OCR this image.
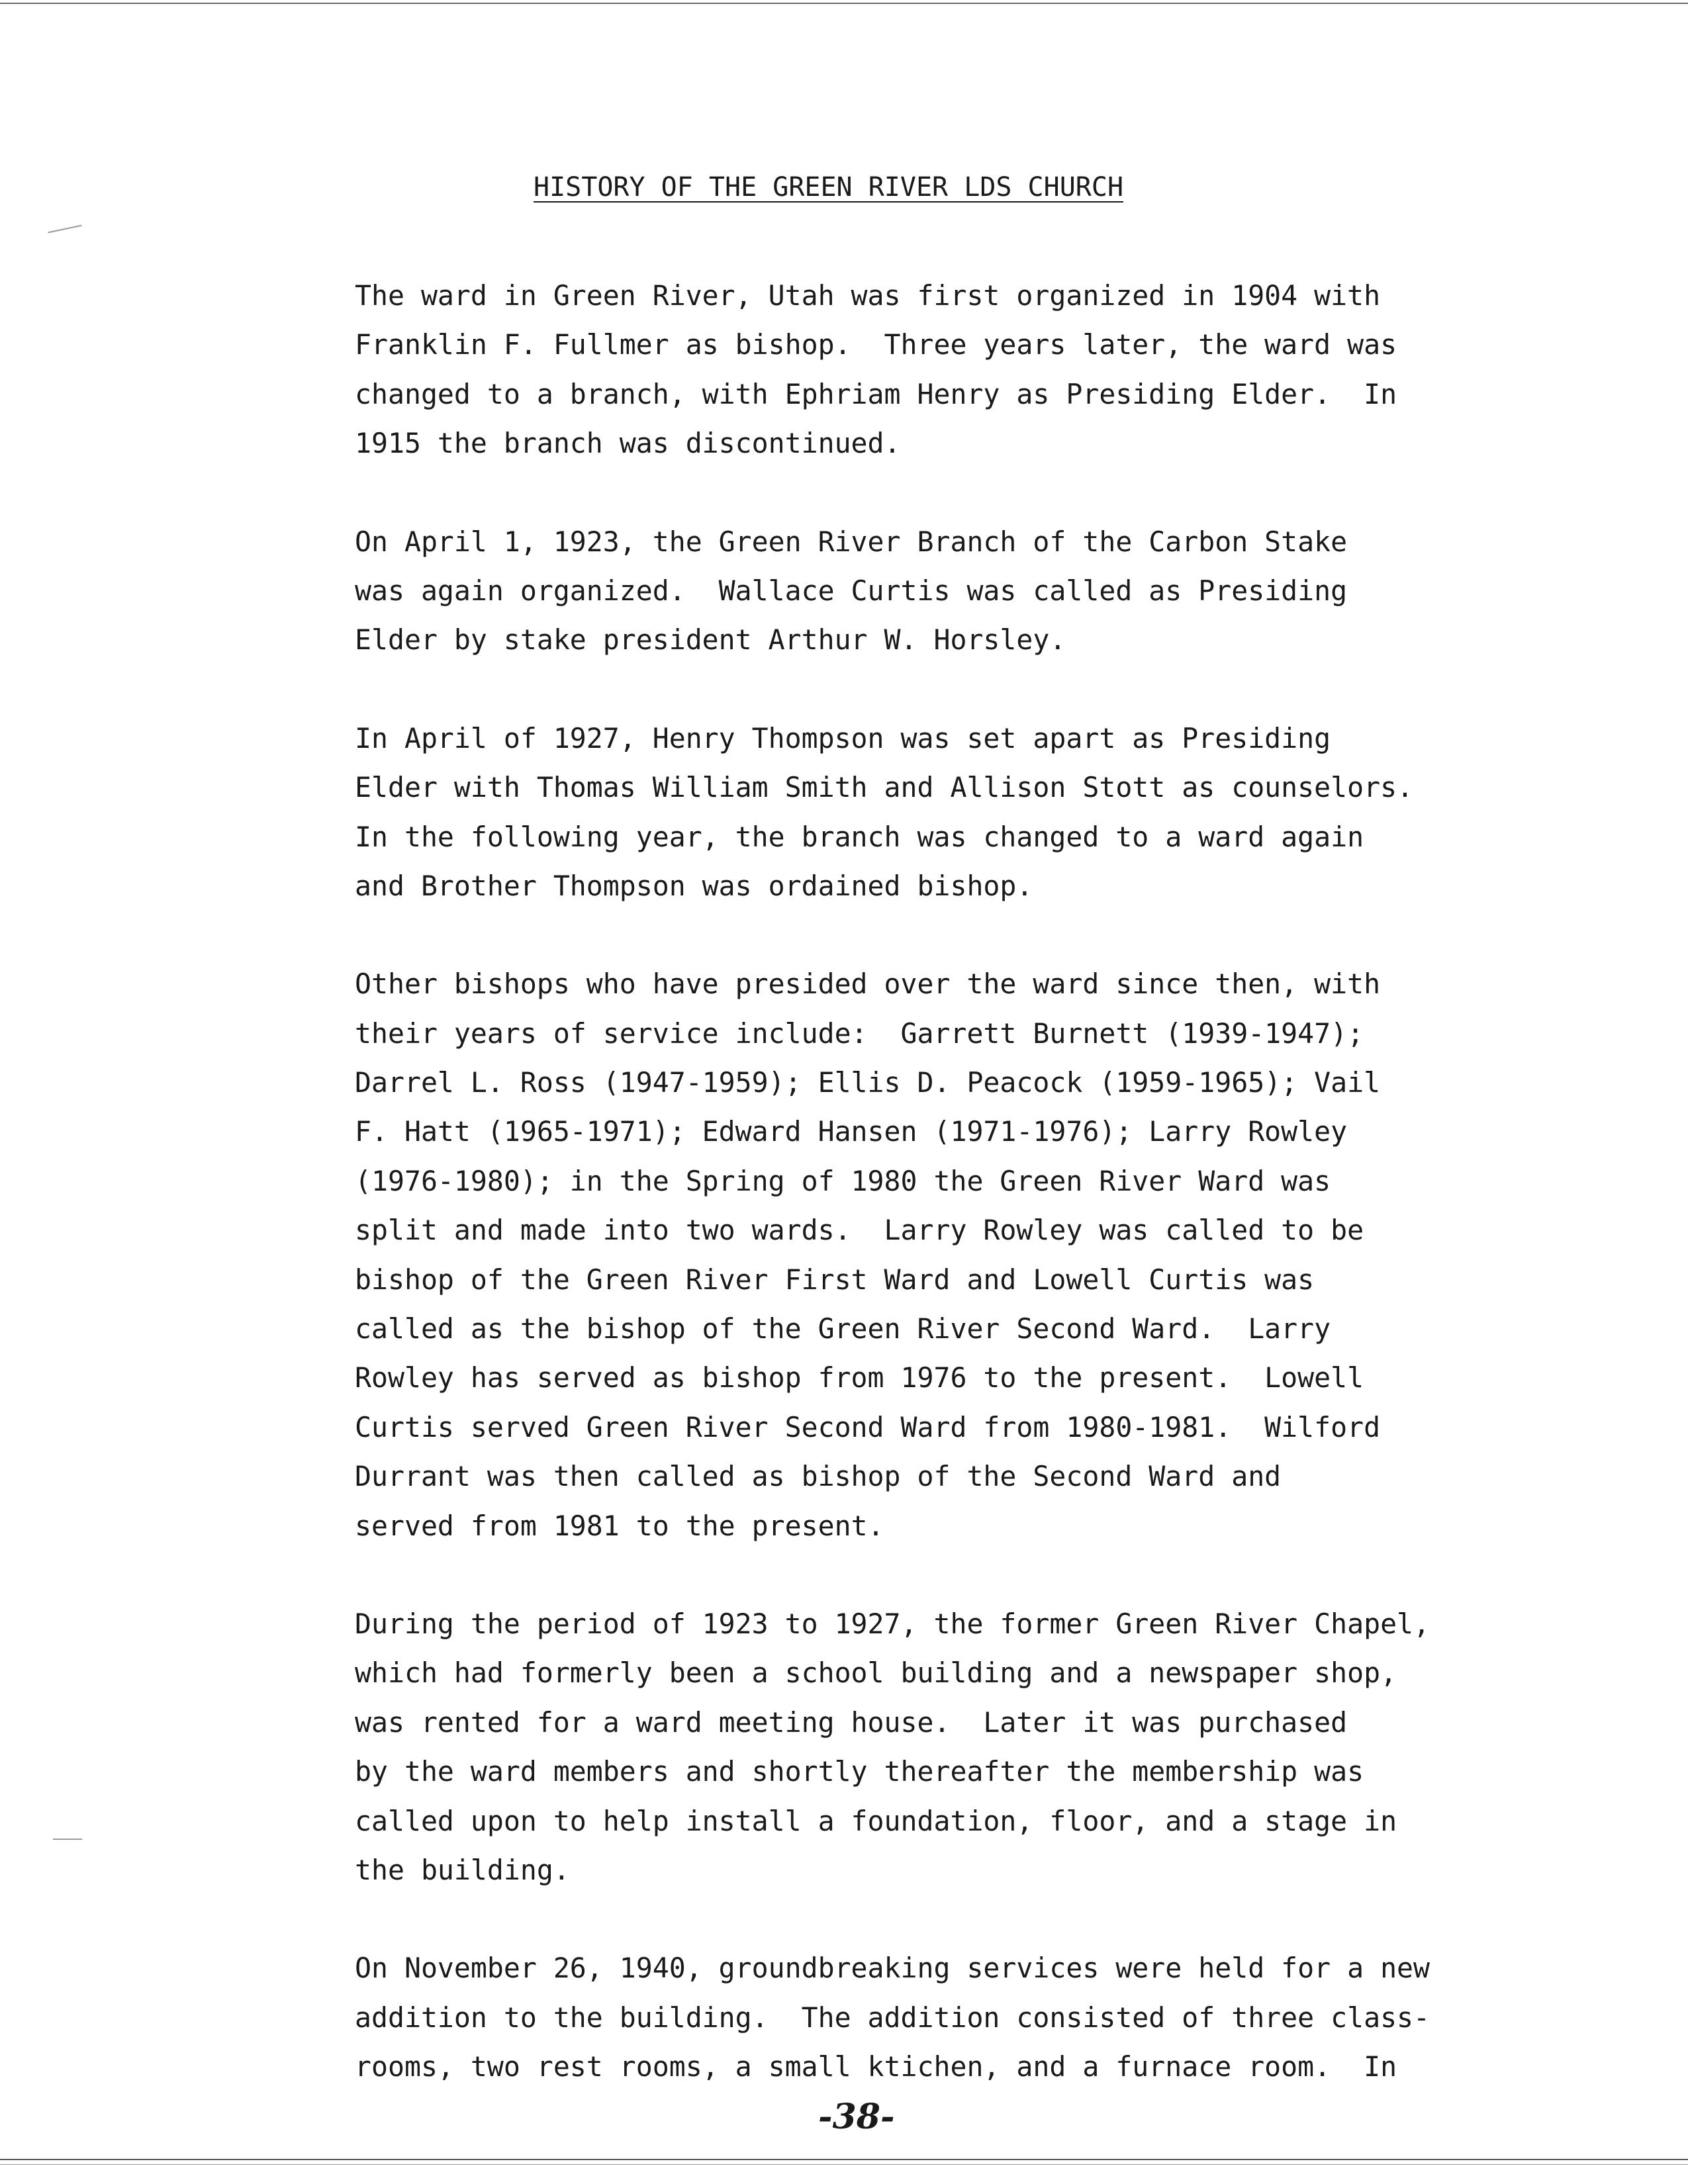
HISTORY OF THE GREEN RIVER LDS CHURCH

The ward in Green River, Utah was first organized in 1904 with
Franklin F. Fullmer as bishop.  Three years later, the ward was
changed to a branch, with Ephriam Henry as Presiding Elder.  In
1915 the branch was discontinued.

On April 1, 1923, the Green River Branch of the Carbon Stake
was again organized.  Wallace Curtis was called as Presiding
Elder by stake president Arthur W. Horsley.

In April of 1927, Henry Thompson was set apart as Presiding
Elder with Thomas William Smith and Allison Stott as counselors.
In the following year, the branch was changed to a ward again
and Brother Thompson was ordained bishop.

Other bishops who have presided over the ward since then, with
their years of service include:  Garrett Burnett (1939-1947);
Darrel L. Ross (1947-1959); Ellis D. Peacock (1959-1965); Vail
F. Hatt (1965-1971); Edward Hansen (1971-1976); Larry Rowley
(1976-1980); in the Spring of 1980 the Green River Ward was
split and made into two wards.  Larry Rowley was called to be
bishop of the Green River First Ward and Lowell Curtis was
called as the bishop of the Green River Second Ward.  Larry
Rowley has served as bishop from 1976 to the present.  Lowell
Curtis served Green River Second Ward from 1980-1981.  Wilford
Durrant was then called as bishop of the Second Ward and
served from 1981 to the present.

During the period of 1923 to 1927, the former Green River Chapel,
which had formerly been a school building and a newspaper shop,
was rented for a ward meeting house.  Later it was purchased
by the ward members and shortly thereafter the membership was
called upon to help install a foundation, floor, and a stage in
the building.

On November 26, 1940, groundbreaking services were held for a new
addition to the building.  The addition consisted of three class-
rooms, two rest rooms, a small ktichen, and a furnace room.  In

-38-
